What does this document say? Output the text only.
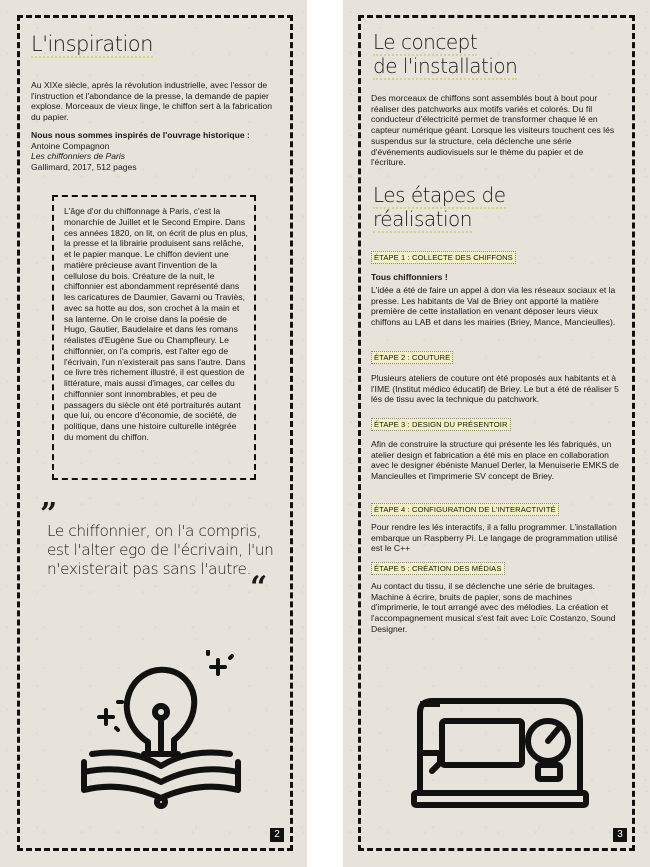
L'inspiration

Au XIXe siècle, après la révolution industrielle, avec l'essor de l'instruction et l'abondance de la presse, la demande de papier explose. Morceaux de vieux linge, le chiffon sert à la fabrication du papier.

Nous nous sommes inspirés de l'ouvrage historique :

Antoine Compagnon

Les chiffonniers de Paris

Gallimard, 2017, 512 pages

L'âge d'or du chiffonnage à Paris, c'est la monarchie de Juillet et le Second Empire. Dans ces années 1820, on lit, on écrit de plus en plus, la presse et la librairie produisent sans relâche, et le papier manque. Le chiffon devient une matière précieuse avant l'invention de la cellulose du bois. Créature de la nuit, le chiffonnier est abondamment représenté dans les caricatures de Daumier, Gavarni ou Traviès, avec sa hotte au dos, son crochet à la main et sa lanterne. On le croise dans la poésie de Hugo, Gautier, Baudelaire et dans les romans réalistes d'Eugène Sue ou Champfleury. Le chiffonnier, on l'a compris, est l'alter ego de l'écrivain, l'un n'existerait pas sans l'autre. Dans ce livre très richement illustré, il est question de littérature, mais aussi d'images, car celles du chiffonnier sont innombrables, et peu de passagers du siècle ont été portraiturés autant que lui, ou encore d'économie, de société, de politique, dans une histoire culturelle intégrée du moment du chiffon.

”
Le chiffonnier, on l'a compris, est l'alter ego de l'écrivain, l'un n'existerait pas sans l'autre.
“
2
Le concept
de l'installation

Des morceaux de chiffons sont assemblés bout à bout pour réaliser des patchworks aux motifs variés et colorés. Du fil conducteur d'électricité permet de transformer chaque lé en capteur numérique géant. Lorsque les visiteurs touchent ces lés suspendus sur la structure, cela déclenche une série d'événements audiovisuels sur le thème du papier et de l'écriture.

Les étapes de
réalisation
ÉTAPE 1 : COLLECTE DES CHIFFONS
Tous chiffonniers !
L'idée a été de faire un appel à don via les réseaux sociaux et la presse. Les habitants de Val de Briey ont apporté la matière première de cette installation en venant déposer leurs vieux chiffons au LAB et dans les mairies (Briey, Mance, Mancieulles).
ÉTAPE 2 : COUTURE
Plusieurs ateliers de couture ont été proposés aux habitants et à l'IME (Institut médico éducatif) de Briey. Le but a été de réaliser 5 lés de tissu avec la technique du patchwork.
ÉTAPE 3 : DESIGN DU PRÉSENTOIR
Afin de construire la structure qui présente les lés fabriqués, un atelier design et fabrication a été mis en place en collaboration avec le designer ébéniste Manuel Derler, la Menuiserie EMKS de Mancieulles et l'imprimerie SV concept de Briey.
ÉTAPE 4 : CONFIGURATION DE L'INTERACTIVITÉ
Pour rendre les lés interactifs, il a fallu programmer. L'installation embarque un Raspberry Pi. Le langage de programmation utilisé est le C++
ÉTAPE 5 : CRÉATION DES MÉDIAS
Au contact du tissu, il se déclenche une série de bruitages. Machine à écrire, bruits de papier, sons de machines d'imprimerie, le tout arrangé avec des mélodies. La création et l'accompagnement musical s'est fait avec Loïc Costanzo, Sound Designer.
3
